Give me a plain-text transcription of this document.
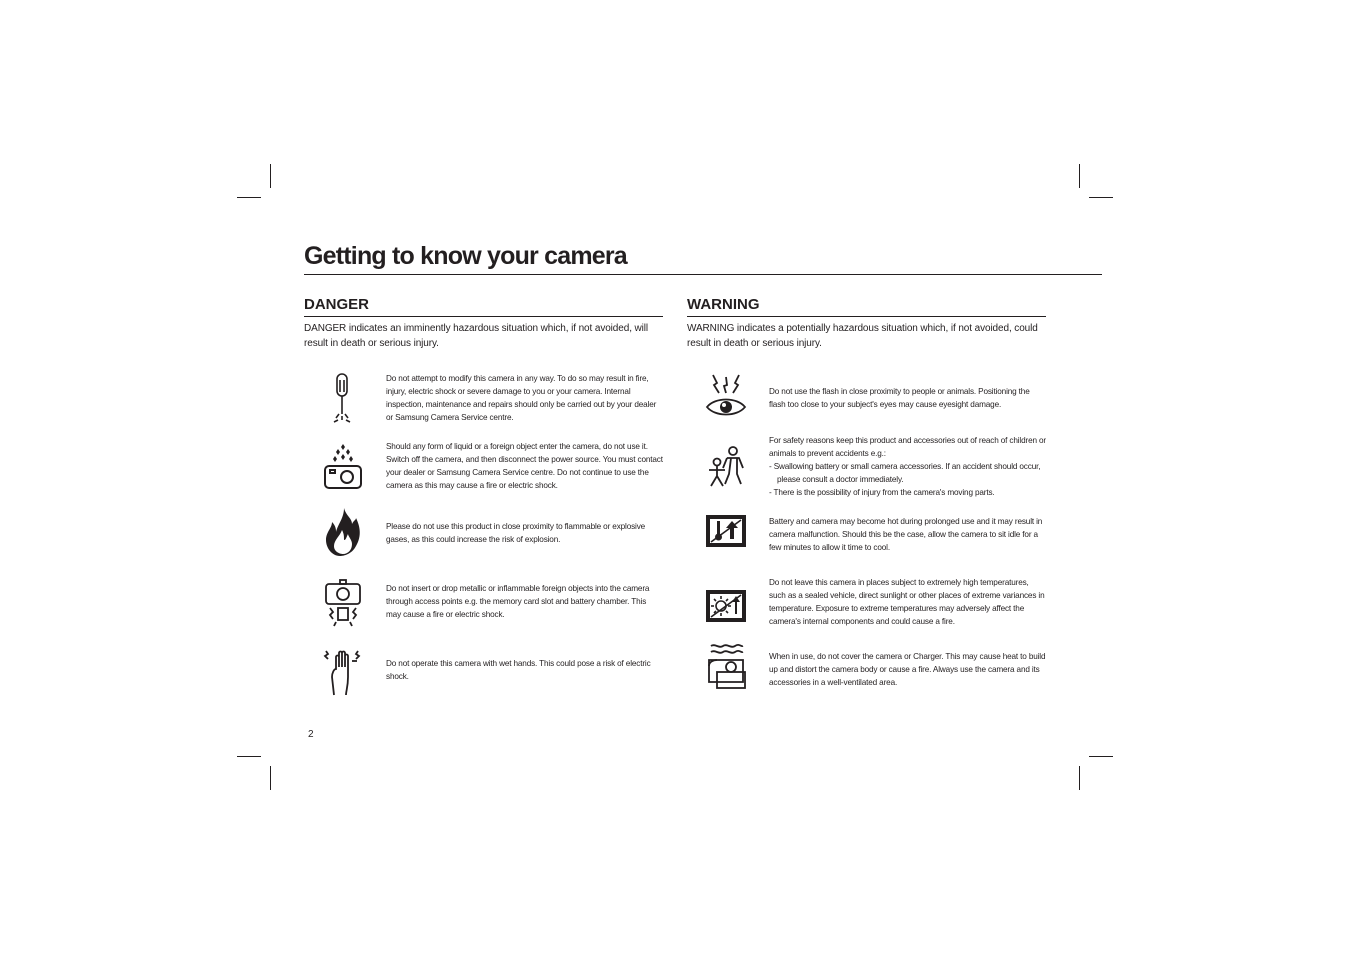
Getting to know your camera
DANGER
DANGER indicates an imminently hazardous situation which, if not avoided, will result in death or serious injury.
Do not attempt to modify this camera in any way. To do so may result in fire, injury, electric shock or severe damage to you or your camera. Internal inspection, maintenance and repairs should only be carried out by your dealer or Samsung Camera Service centre.
Should any form of liquid or a foreign object enter the camera, do not use it. Switch off the camera, and then disconnect the power source. You must contact your dealer or Samsung Camera Service centre. Do not continue to use the camera as this may cause a fire or electric shock.
Please do not use this product in close proximity to flammable or explosive gases, as this could increase the risk of explosion.
Do not insert or drop metallic or inflammable foreign objects into the camera through access points e.g. the memory card slot and battery chamber. This may cause a fire or electric shock.
Do not operate this camera with wet hands. This could pose a risk of electric shock.
WARNING
WARNING indicates a potentially hazardous situation which, if not avoided, could result in death or serious injury.
Do not use the flash in close proximity to people or animals. Positioning the flash too close to your subject's eyes may cause eyesight damage.
For safety reasons keep this product and accessories out of reach of children or animals to prevent accidents e.g.:
- Swallowing battery or small camera accessories. If an accident should occur, please consult a doctor immediately.
- There is the possibility of injury from the camera's moving parts.
Battery and camera may become hot during prolonged use and it may result in camera malfunction. Should this be the case, allow the camera to sit idle for a few minutes to allow it time to cool.
Do not leave this camera in places subject to extremely high temperatures, such as a sealed vehicle, direct sunlight or other places of extreme variances in temperature. Exposure to extreme temperatures may adversely affect the camera's internal components and could cause a fire.
When in use, do not cover the camera or Charger. This may cause heat to build up and distort the camera body or cause a fire. Always use the camera and its accessories in a well-ventilated area.
2
